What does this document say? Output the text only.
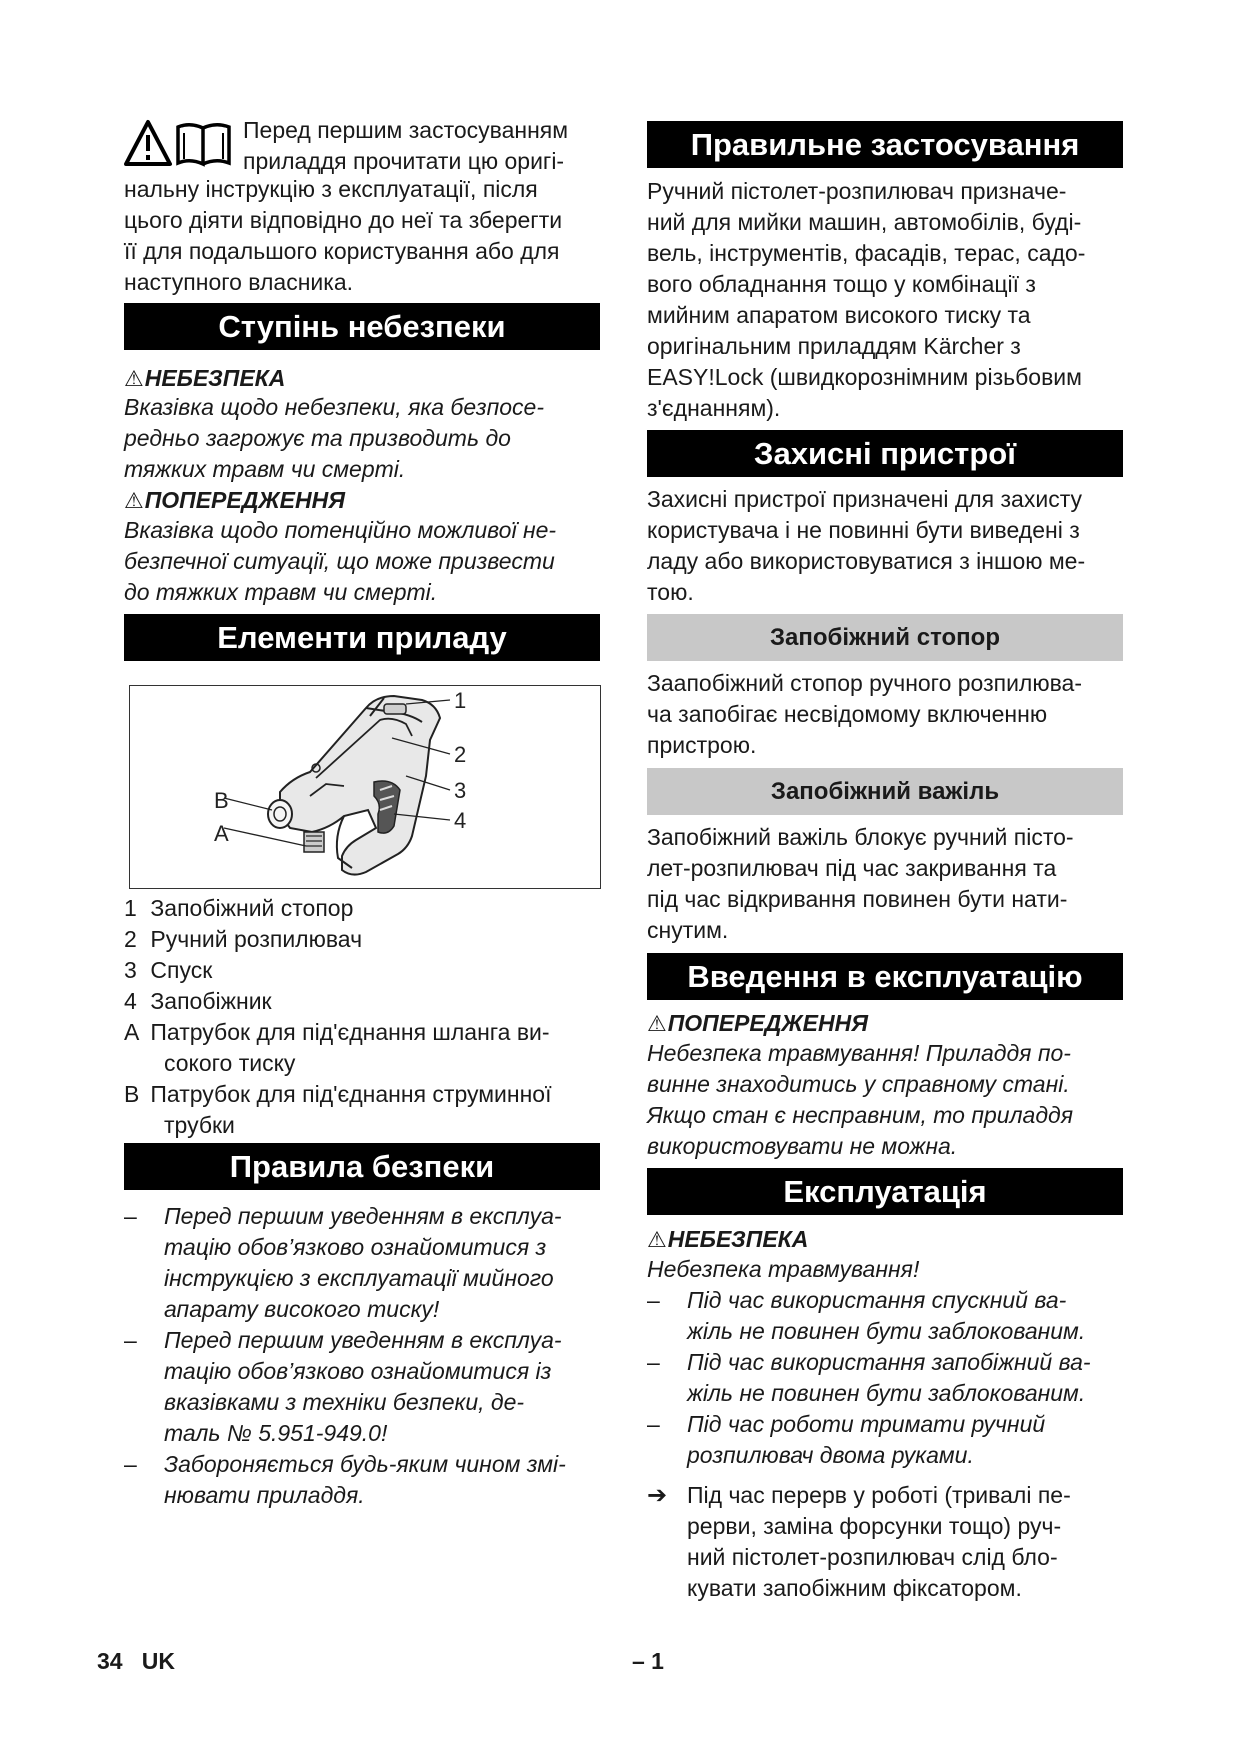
Перед першим застосуванням
приладдя прочитати цю оригі-
нальну інструкцію з експлуатації, після
цього діяти відповідно до неї та зберегти
її для подальшого користування або для
наступного власника.
Ступінь небезпеки
⚠НЕБЕЗПЕКА
Вказівка щодо небезпеки, яка безпосе-
редньо загрожує та призводить до
тяжких травм чи смерті.
⚠ПОПЕРЕДЖЕННЯ
Вказівка щодо потенційно можливої не-
безпечної ситуації, що може призвести
до тяжких травм чи смерті.
Елементи приладу
1
2
3
4
B
A
1 Запобіжний стопор
2 Ручний розпилювач
3 Спуск
4 Запобіжник
A Патрубок для під'єднання шланга ви-
сокого тиску
B Патрубок для під'єднання струминної
трубки
Правила безпеки
– Перед першим уведенням в експлуа-
тацію обов’язково ознайомитися з
інструкцією з експлуатації мийного
апарату високого тиску!
– Перед першим уведенням в експлуа-
тацію обов’язково ознайомитися із
вказівками з техніки безпеки, де-
таль № 5.951-949.0!
– Забороняється будь-яким чином змі-
нювати приладдя.
Правильне застосування
Ручний пістолет-розпилювач призначе-
ний для мийки машин, автомобілів, буді-
вель, інструментів, фасадів, терас, садо-
вого обладнання тощо у комбінації з
мийним апаратом високого тиску та
оригінальним приладдям Kärcher з
EASY!Lock (швидкорознімним різьбовим
з'єднанням).
Захисні пристрої
Захисні пристрої призначені для захисту
користувача і не повинні бути виведені з
ладу або використовуватися з іншою ме-
тою.
Запобіжний стопор
Заапобіжний стопор ручного розпилюва-
ча запобігає несвідомому включенню
пристрою.
Запобіжний важіль
Запобіжний важіль блокує ручний пісто-
лет-розпилювач під час закривання та
під час відкривання повинен бути нати-
снутим.
Введення в експлуатацію
⚠ПОПЕРЕДЖЕННЯ
Небезпека травмування! Приладдя по-
винне знаходитись у справному стані.
Якщо стан є несправним, то приладдя
використовувати не можна.
Експлуатація
⚠НЕБЕЗПЕКА
Небезпека травмування!
– Під час використання спускний ва-
жіль не повинен бути заблокованим.
– Під час використання запобіжний ва-
жіль не повинен бути заблокованим.
– Під час роботи тримати ручний
розпилювач двома руками.
➔ Під час перерв у роботі (тривалі пе-
рерви, заміна форсунки тощо) руч-
ний пістолет-розпилювач слід бло-
кувати запобіжним фіксатором.
34 UK	– 1
